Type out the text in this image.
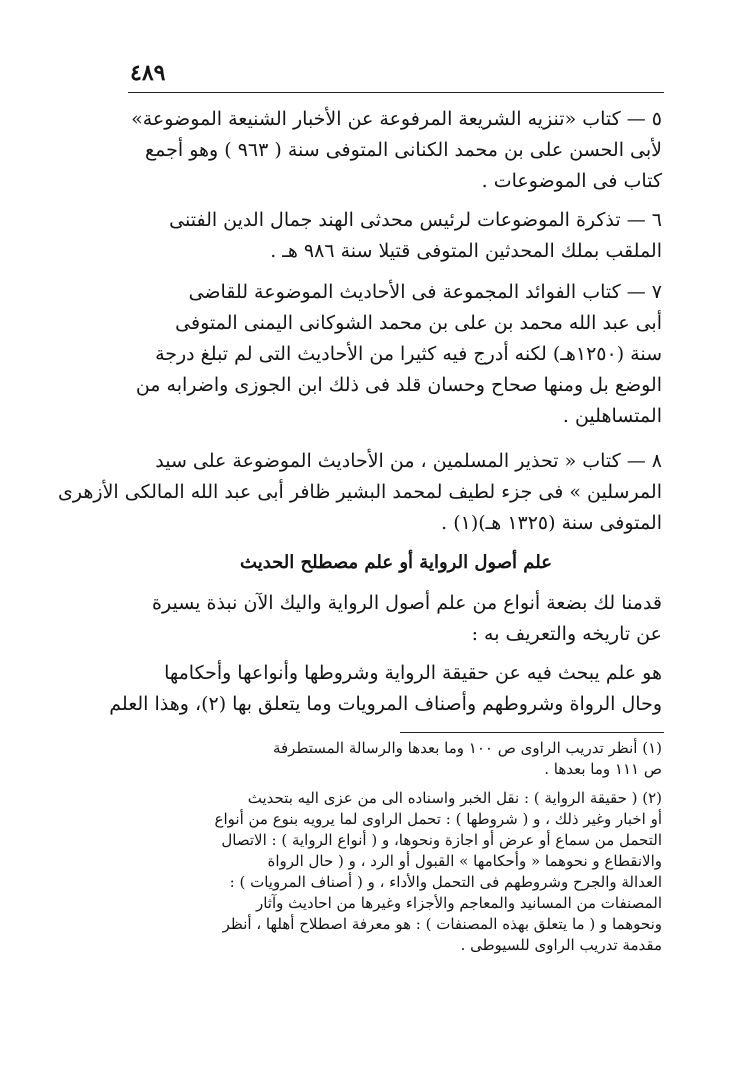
٤٨٩
٥ — كتاب «تنزيه الشريعة المرفوعة عن الأخبار الشنيعة الموضوعة»
لأبى الحسن على بن محمد الكنانى المتوفى سنة ( ٩٦٣ ) وهو أجمع
كتاب فى الموضوعات .
٦ — تذكرة الموضوعات لرئيس محدثى الهند جمال الدين الفتنى
الملقب بملك المحدثين المتوفى قتيلا سنة ٩٨٦ هـ .
٧ — كتاب الفوائد المجموعة فى الأحاديث الموضوعة للقاضى
أبى عبد الله محمد بن على بن محمد الشوكانى اليمنى المتوفى
سنة (١٢٥٠هـ) لكنه أدرج فيه كثيرا من الأحاديث التى لم تبلغ درجة
الوضع بل ومنها صحاح وحسان قلد فى ذلك ابن الجوزى واضرابه من
المتساهلين .
٨ — كتاب « تحذير المسلمين ، من الأحاديث الموضوعة على سيد
المرسلين » فى جزء لطيف لمحمد البشير ظافر أبى عبد الله المالكى الأزهرى
المتوفى سنة (١٣٢٥ هـ)(١) .
علم أصول الرواية أو علم مصطلح الحديث
قدمنا لك بضعة أنواع من علم أصول الرواية واليك الآن نبذة يسيرة
عن تاريخه والتعريف به :
هو علم يبحث فيه عن حقيقة الرواية وشروطها وأنواعها وأحكامها
وحال الرواة وشروطهم وأصناف المرويات وما يتعلق بها (٢)، وهذا العلم
(١) أنظر تدريب الراوى ص ١٠٠ وما بعدها والرسالة المستطرفة
ص ١١١ وما بعدها .
(٢) ( حقيقة الرواية ) : نقل الخبر واسناده الى من عزى اليه بتحديث
أو اخبار وغير ذلك ، و ( شروطها ) : تحمل الراوى لما يرويه بنوع من أنواع
التحمل من سماع أو عرض أو اجازة ونحوها، و ( أنواع الرواية ) : الاتصال
والانقطاع و نحوهما « وأحكامها » القبول أو الرد ، و ( حال الرواة
العدالة والجرح وشروطهم فى التحمل والأداء ، و ( أصناف المرويات ) :
المصنفات من المسانيد والمعاجم والأجزاء وغيرها من احاديث وآثار
ونحوهما و ( ما يتعلق بهذه المصنفات ) : هو معرفة اصطلاح أهلها ، أنظر
مقدمة تدريب الراوى للسيوطى .
